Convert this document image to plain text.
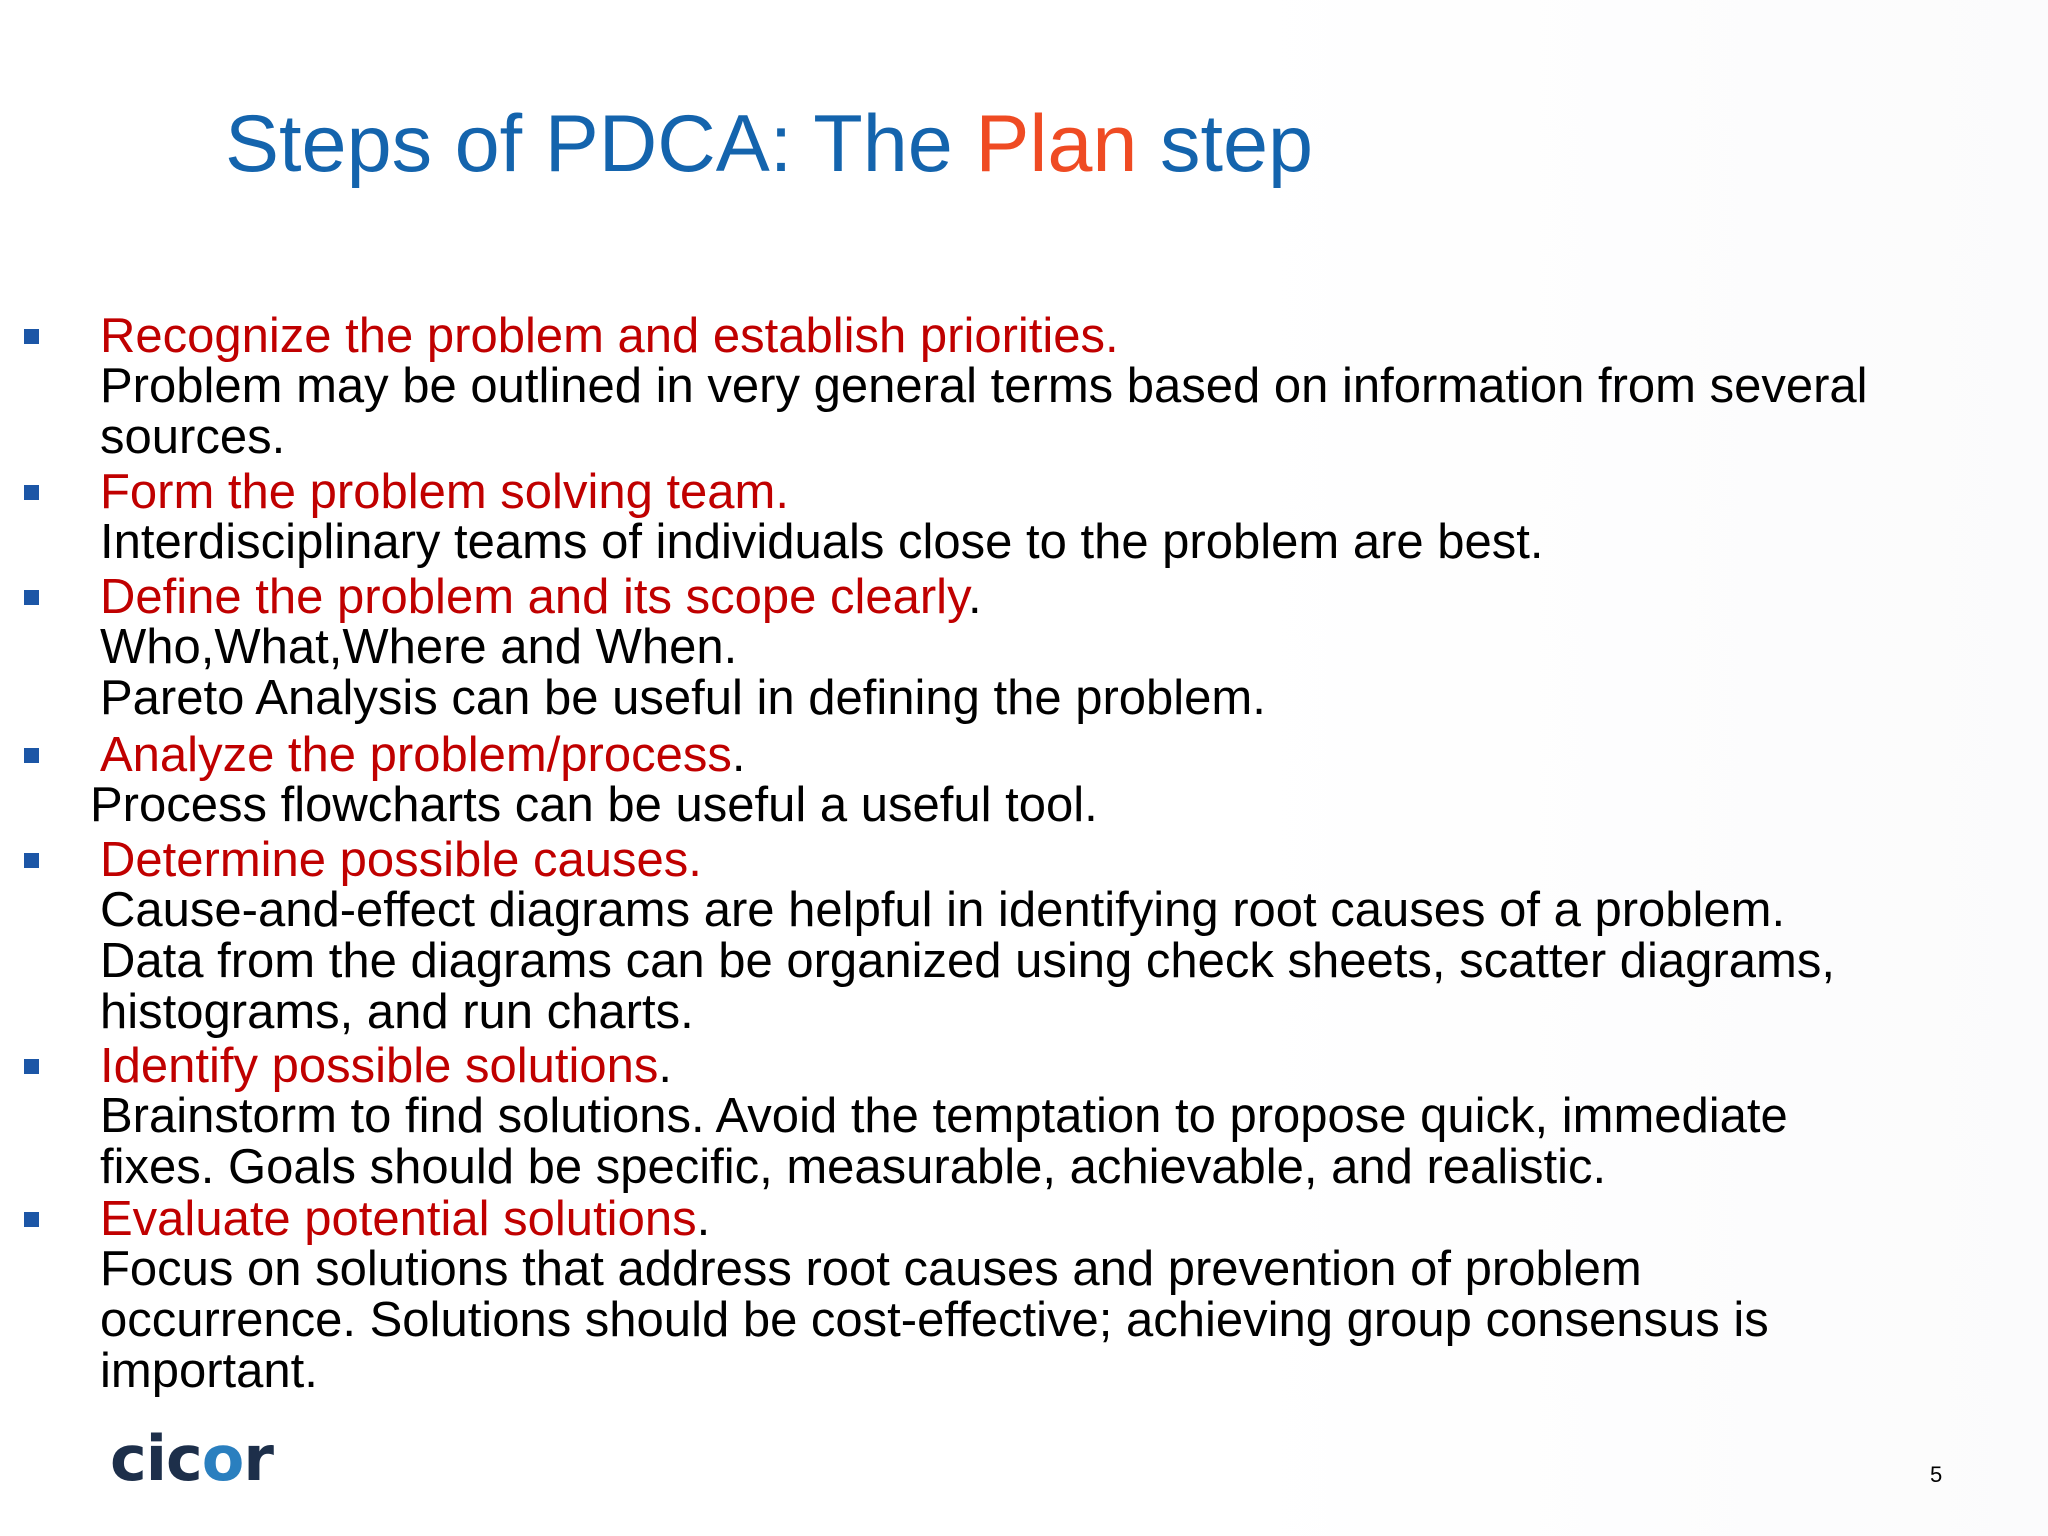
Steps of PDCA: The Plan step
Recognize the problem and establish priorities.
Problem may be outlined in very general terms based on information from several
sources.
Form the problem solving team.
Interdisciplinary teams of individuals close to the problem are best.
Define the problem and its scope clearly.
Who,What,Where and When.
Pareto Analysis can be useful in defining the problem.
Analyze the problem/process.
Process flowcharts can be useful a useful tool.
Determine possible causes.
Cause-and-effect diagrams are helpful in identifying root causes of a problem.
Data from the diagrams can be organized using check sheets, scatter diagrams,
histograms, and run charts.
Identify possible solutions.
Brainstorm to find solutions. Avoid the temptation to propose quick, immediate
fixes. Goals should be specific, measurable, achievable, and realistic.
Evaluate potential solutions.
Focus on solutions that address root causes and prevention of problem
occurrence. Solutions should be cost-effective; achieving group consensus is
important.
cicor	5
